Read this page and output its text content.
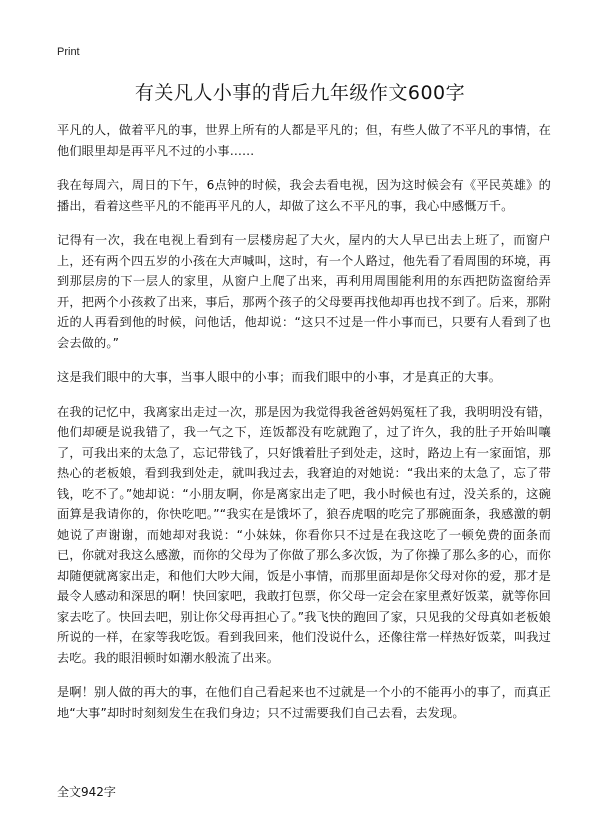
Print
有关凡人小事的背后九年级作文600字

平凡的人，做着平凡的事，世界上所有的人都是平凡的；但，有些人做了不平凡的事情，在他们眼里却是再平凡不过的小事……

我在每周六，周日的下午，6点钟的时候，我会去看电视，因为这时候会有《平民英雄》的播出，看着这些平凡的不能再平凡的人，却做了这么不平凡的事，我心中感慨万千。

记得有一次，我在电视上看到有一层楼房起了大火，屋内的大人早已出去上班了，而窗户上，还有两个四五岁的小孩在大声喊叫，这时，有一个人路过，他先看了看周围的环境，再到那层房的下一层人的家里，从窗户上爬了出来，再利用周围能利用的东西把防盗窗给弄开，把两个小孩救了出来，事后，那两个孩子的父母要再找他却再也找不到了。后来，那附近的人再看到他的时候，问他话，他却说：“这只不过是一件小事而已，只要有人看到了也会去做的。”

这是我们眼中的大事，当事人眼中的小事；而我们眼中的小事，才是真正的大事。

在我的记忆中，我离家出走过一次，那是因为我觉得我爸爸妈妈冤枉了我，我明明没有错，他们却硬是说我错了，我一气之下，连饭都没有吃就跑了，过了许久，我的肚子开始叫嚷了，可我出来的太急了，忘记带钱了，只好饿着肚子到处走，这时，路边上有一家面馆，那热心的老板娘，看到我到处走，就叫我过去，我窘迫的对她说：“我出来的太急了，忘了带钱，吃不了。”她却说：“小朋友啊，你是离家出走了吧，我小时候也有过，没关系的，这碗面算是我请你的，你快吃吧。”“我实在是饿坏了，狼吞虎咽的吃完了那碗面条，我感激的朝她说了声谢谢，而她却对我说：“小妹妹，你看你只不过是在我这吃了一顿免费的面条而已，你就对我这么感激，而你的父母为了你做了那么多次饭，为了你操了那么多的心，而你却随便就离家出走，和他们大吵大闹，饭是小事情，而那里面却是你父母对你的爱，那才是最令人感动和深思的啊！快回家吧，我敢打包票，你父母一定会在家里煮好饭菜，就等你回家去吃了。快回去吧，别让你父母再担心了。”我飞快的跑回了家，只见我的父母真如老板娘所说的一样，在家等我吃饭。看到我回来，他们没说什么，还像往常一样热好饭菜，叫我过去吃。我的眼泪顿时如潮水般流了出来。

是啊！别人做的再大的事，在他们自己看起来也不过就是一个小的不能再小的事了，而真正地“大事”却时时刻刻发生在我们身边；只不过需要我们自己去看，去发现。

全文942字
